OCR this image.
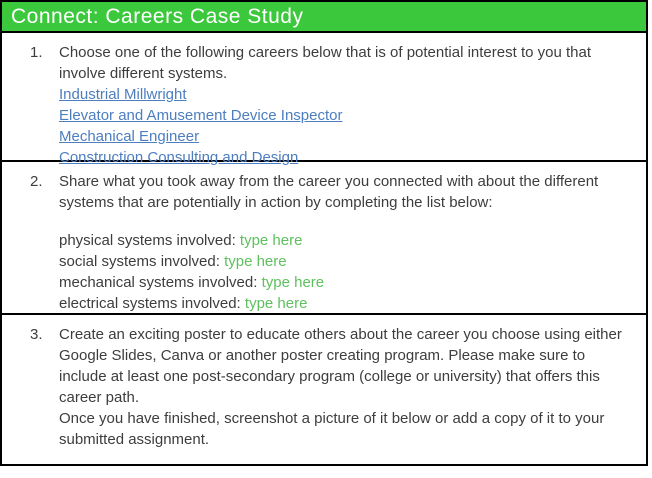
Connect: Careers Case Study
1.	Choose one of the following careers below that is of potential interest to you that involve different systems.
Industrial Millwright
Elevator and Amusement Device Inspector
Mechanical Engineer
Construction Consulting and Design
2.	Share what you took away from the career you connected with about the different systems that are potentially in action by completing the list below:
physical systems involved: type here
social systems involved: type here
mechanical systems involved: type here
electrical systems involved: type here
3.	Create an exciting poster to educate others about the career you choose using either Google Slides, Canva or another poster creating program. Please make sure to include at least one post-secondary program (college or university) that offers this career path.

Once you have finished, screenshot a picture of it below or add a copy of it to your submitted assignment.
